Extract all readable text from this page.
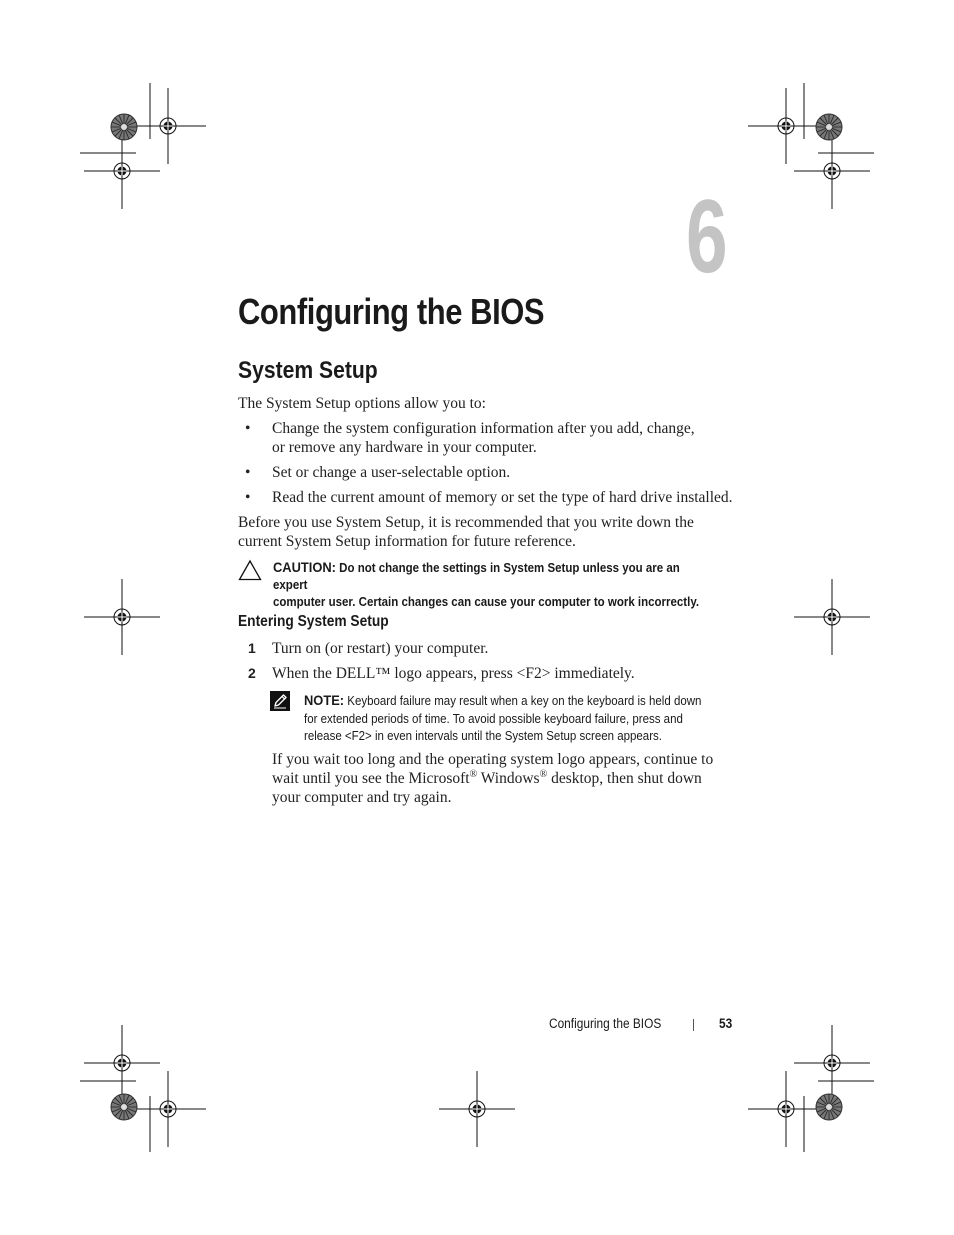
6
Configuring the BIOS
System Setup

The System Setup options allow you to:

• Change the system configuration information after you add, change,
or remove any hardware in your computer.
• Set or change a user-selectable option.
• Read the current amount of memory or set the type of hard drive installed.

Before you use System Setup, it is recommended that you write down the

current System Setup information for future reference.

CAUTION: Do not change the settings in System Setup unless you are an expert
computer user. Certain changes can cause your computer to work incorrectly.
Entering System Setup
1 Turn on (or restart) your computer.
2 When the DELL™ logo appears, press <F2> immediately.
NOTE: Keyboard failure may result when a key on the keyboard is held down
for extended periods of time. To avoid possible keyboard failure, press and
release <F2> in even intervals until the System Setup screen appears.

If you wait too long and the operating system logo appears, continue to

wait until you see the Microsoft® Windows® desktop, then shut down

your computer and try again.

Configuring the BIOS	53
